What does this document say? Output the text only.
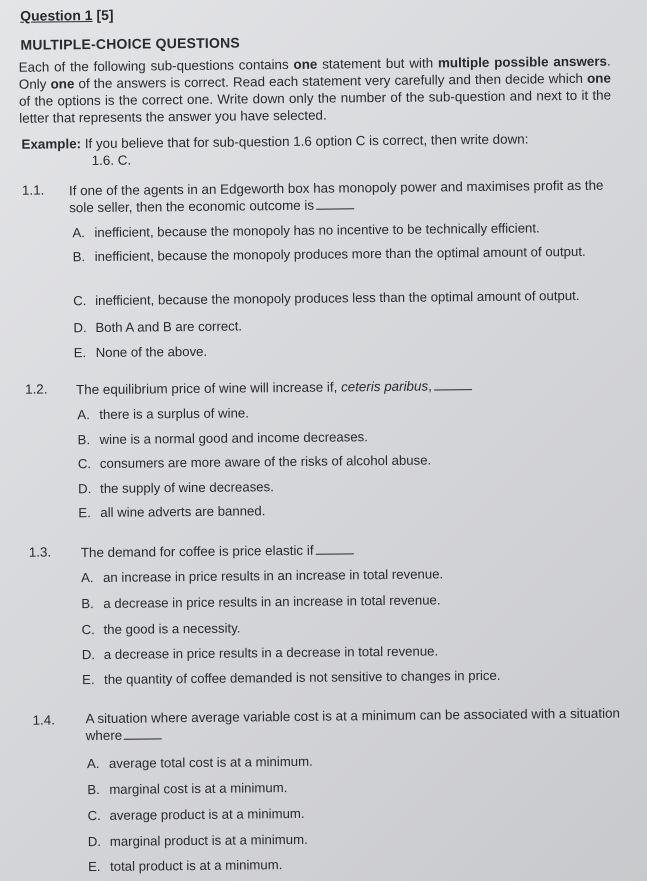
Question 1 [5]
MULTIPLE-CHOICE QUESTIONS
Each of the following sub-questions contains one statement but with multiple possible answers. Only one of the answers is correct. Read each statement very carefully and then decide which one of the options is the correct one. Write down only the number of the sub-question and next to it the letter that represents the answer you have selected.
Example: If you believe that for sub-question 1.6 option C is correct, then write down:
1.6. C.
1.1. If one of the agents in an Edgeworth box has monopoly power and maximises profit as the sole seller, then the economic outcome is
A. inefficient, because the monopoly has no incentive to be technically efficient.
B. inefficient, because the monopoly produces more than the optimal amount of output.
C. inefficient, because the monopoly produces less than the optimal amount of output.
D. Both A and B are correct.
E. None of the above.
1.2. The equilibrium price of wine will increase if, ceteris paribus,
A. there is a surplus of wine.
B. wine is a normal good and income decreases.
C. consumers are more aware of the risks of alcohol abuse.
D. the supply of wine decreases.
E. all wine adverts are banned.
1.3. The demand for coffee is price elastic if
A. an increase in price results in an increase in total revenue.
B. a decrease in price results in an increase in total revenue.
C. the good is a necessity.
D. a decrease in price results in a decrease in total revenue.
E. the quantity of coffee demanded is not sensitive to changes in price.
1.4. A situation where average variable cost is at a minimum can be associated with a situation where
A. average total cost is at a minimum.
B. marginal cost is at a minimum.
C. average product is at a minimum.
D. marginal product is at a minimum.
E. total product is at a minimum.
